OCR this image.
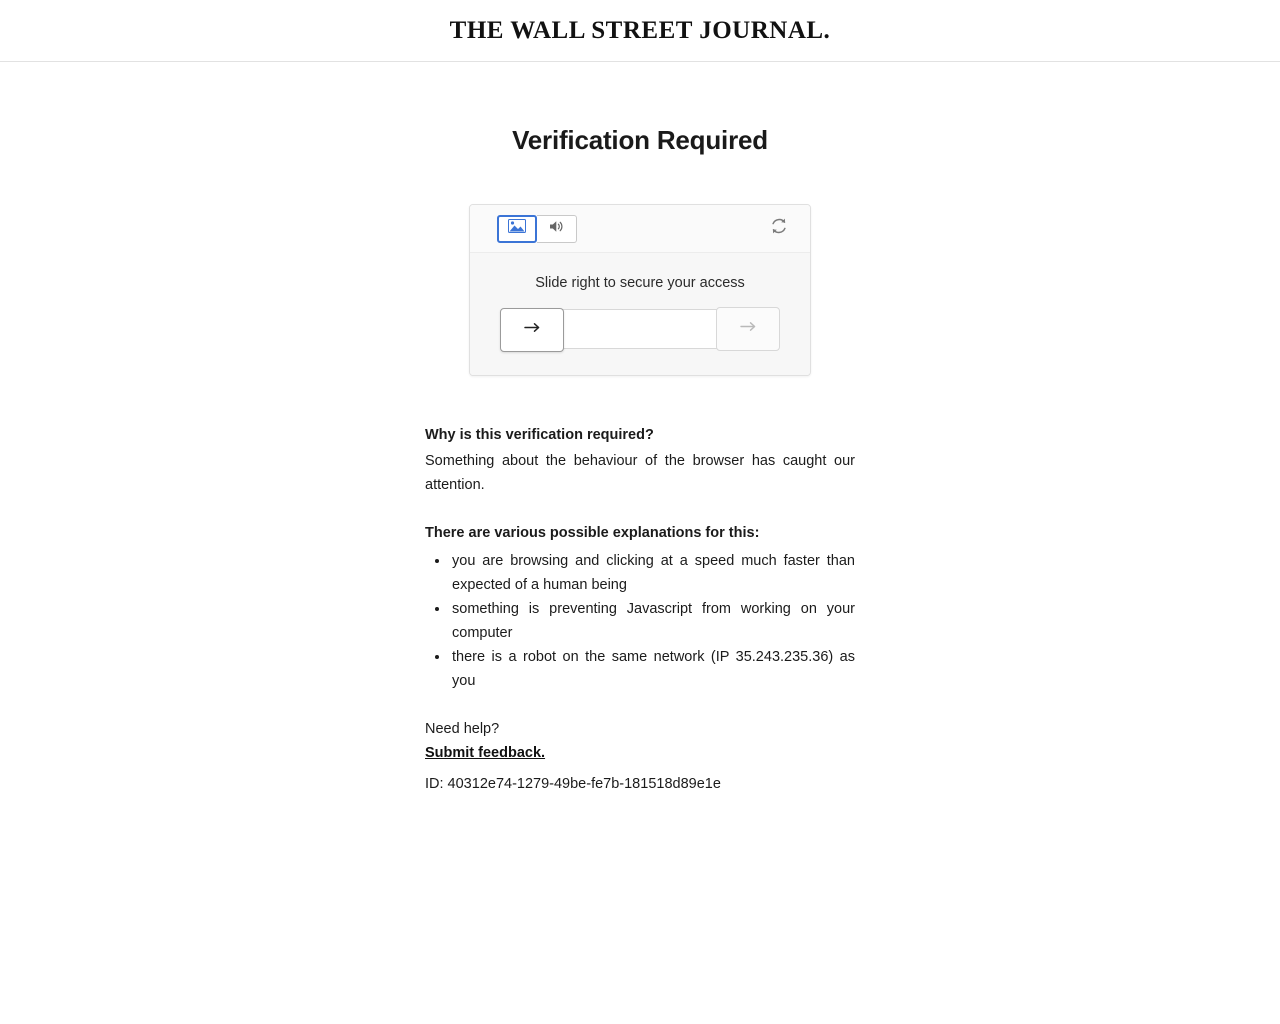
THE WALL STREET JOURNAL.
Verification Required
Slide right to secure your access
Why is this verification required?

Something about the behaviour of the browser has caught our attention.

There are various possible explanations for this:
• you are browsing and clicking at a speed much faster than expected of a human being
• something is preventing Javascript from working on your computer
• there is a robot on the same network (IP 35.243.235.36) as you
Need help?
Submit feedback.
ID: 40312e74-1279-49be-fe7b-181518d89e1e
